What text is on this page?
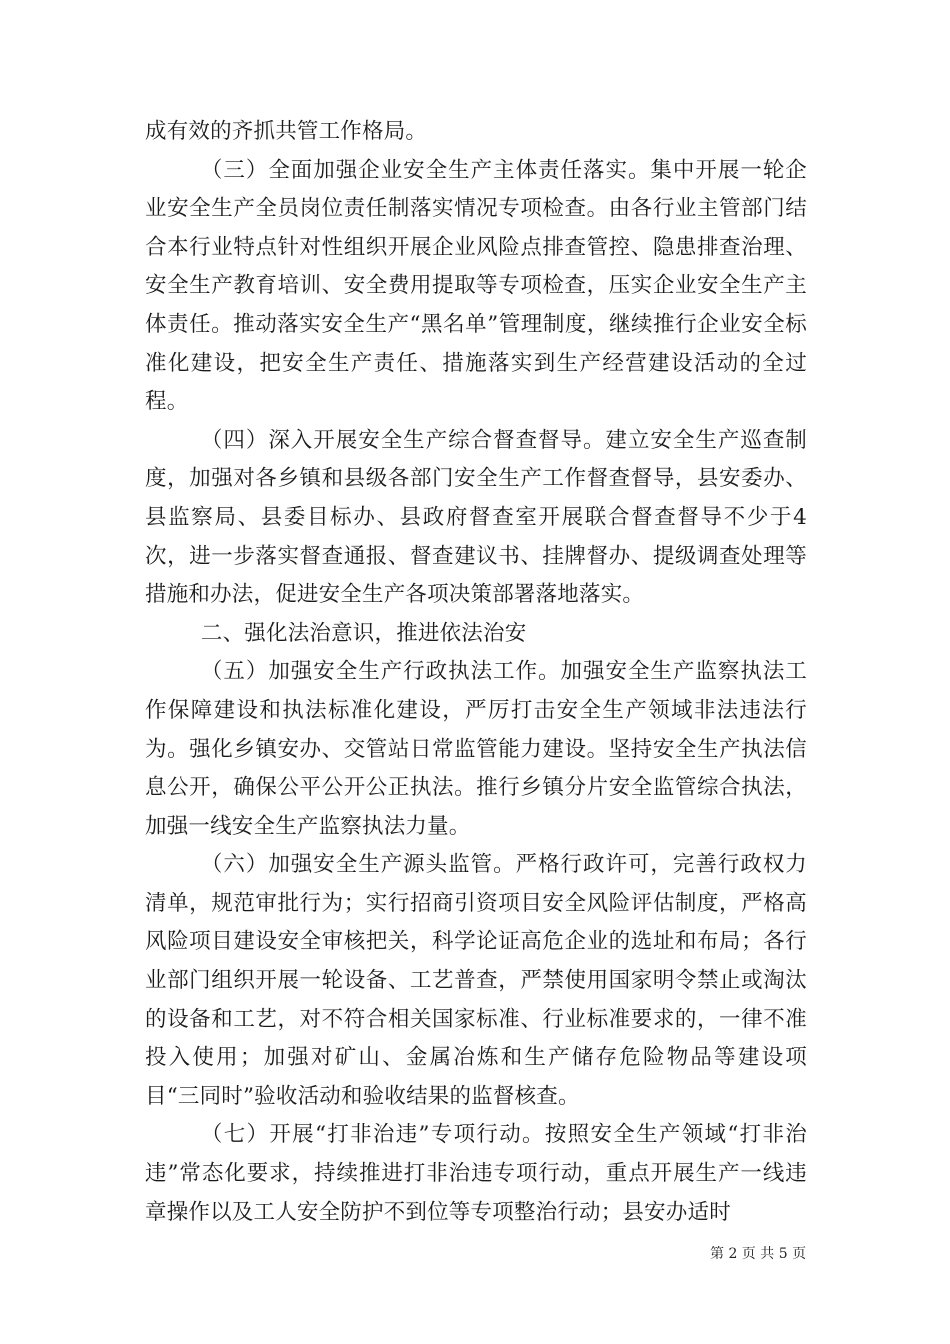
成有效的齐抓共管工作格局。

（三）全面加强企业安全生产主体责任落实。集中开展一轮企业安全生产全员岗位责任制落实情况专项检查。由各行业主管部门结合本行业特点针对性组织开展企业风险点排查管控、隐患排查治理、安全生产教育培训、安全费用提取等专项检查，压实企业安全生产主体责任。推动落实安全生产“黑名单”管理制度，继续推行企业安全标准化建设，把安全生产责任、措施落实到生产经营建设活动的全过程。

（四）深入开展安全生产综合督查督导。建立安全生产巡查制度，加强对各乡镇和县级各部门安全生产工作督查督导，县安委办、县监察局、县委目标办、县政府督查室开展联合督查督导不少于4次，进一步落实督查通报、督查建议书、挂牌督办、提级调查处理等措施和办法，促进安全生产各项决策部署落地落实。

二、强化法治意识，推进依法治安

（五）加强安全生产行政执法工作。加强安全生产监察执法工作保障建设和执法标准化建设，严厉打击安全生产领域非法违法行为。强化乡镇安办、交管站日常监管能力建设。坚持安全生产执法信息公开，确保公平公开公正执法。推行乡镇分片安全监管综合执法，加强一线安全生产监察执法力量。

（六）加强安全生产源头监管。严格行政许可，完善行政权力清单，规范审批行为；实行招商引资项目安全风险评估制度，严格高风险项目建设安全审核把关，科学论证高危企业的选址和布局；各行业部门组织开展一轮设备、工艺普查，严禁使用国家明令禁止或淘汰的设备和工艺，对不符合相关国家标准、行业标准要求的，一律不准投入使用；加强对矿山、金属冶炼和生产储存危险物品等建设项目“三同时”验收活动和验收结果的监督核查。

（七）开展“打非治违”专项行动。按照安全生产领域“打非治违”常态化要求，持续推进打非治违专项行动，重点开展生产一线违章操作以及工人安全防护不到位等专项整治行动；县安办适时

第 2 页 共 5 页
